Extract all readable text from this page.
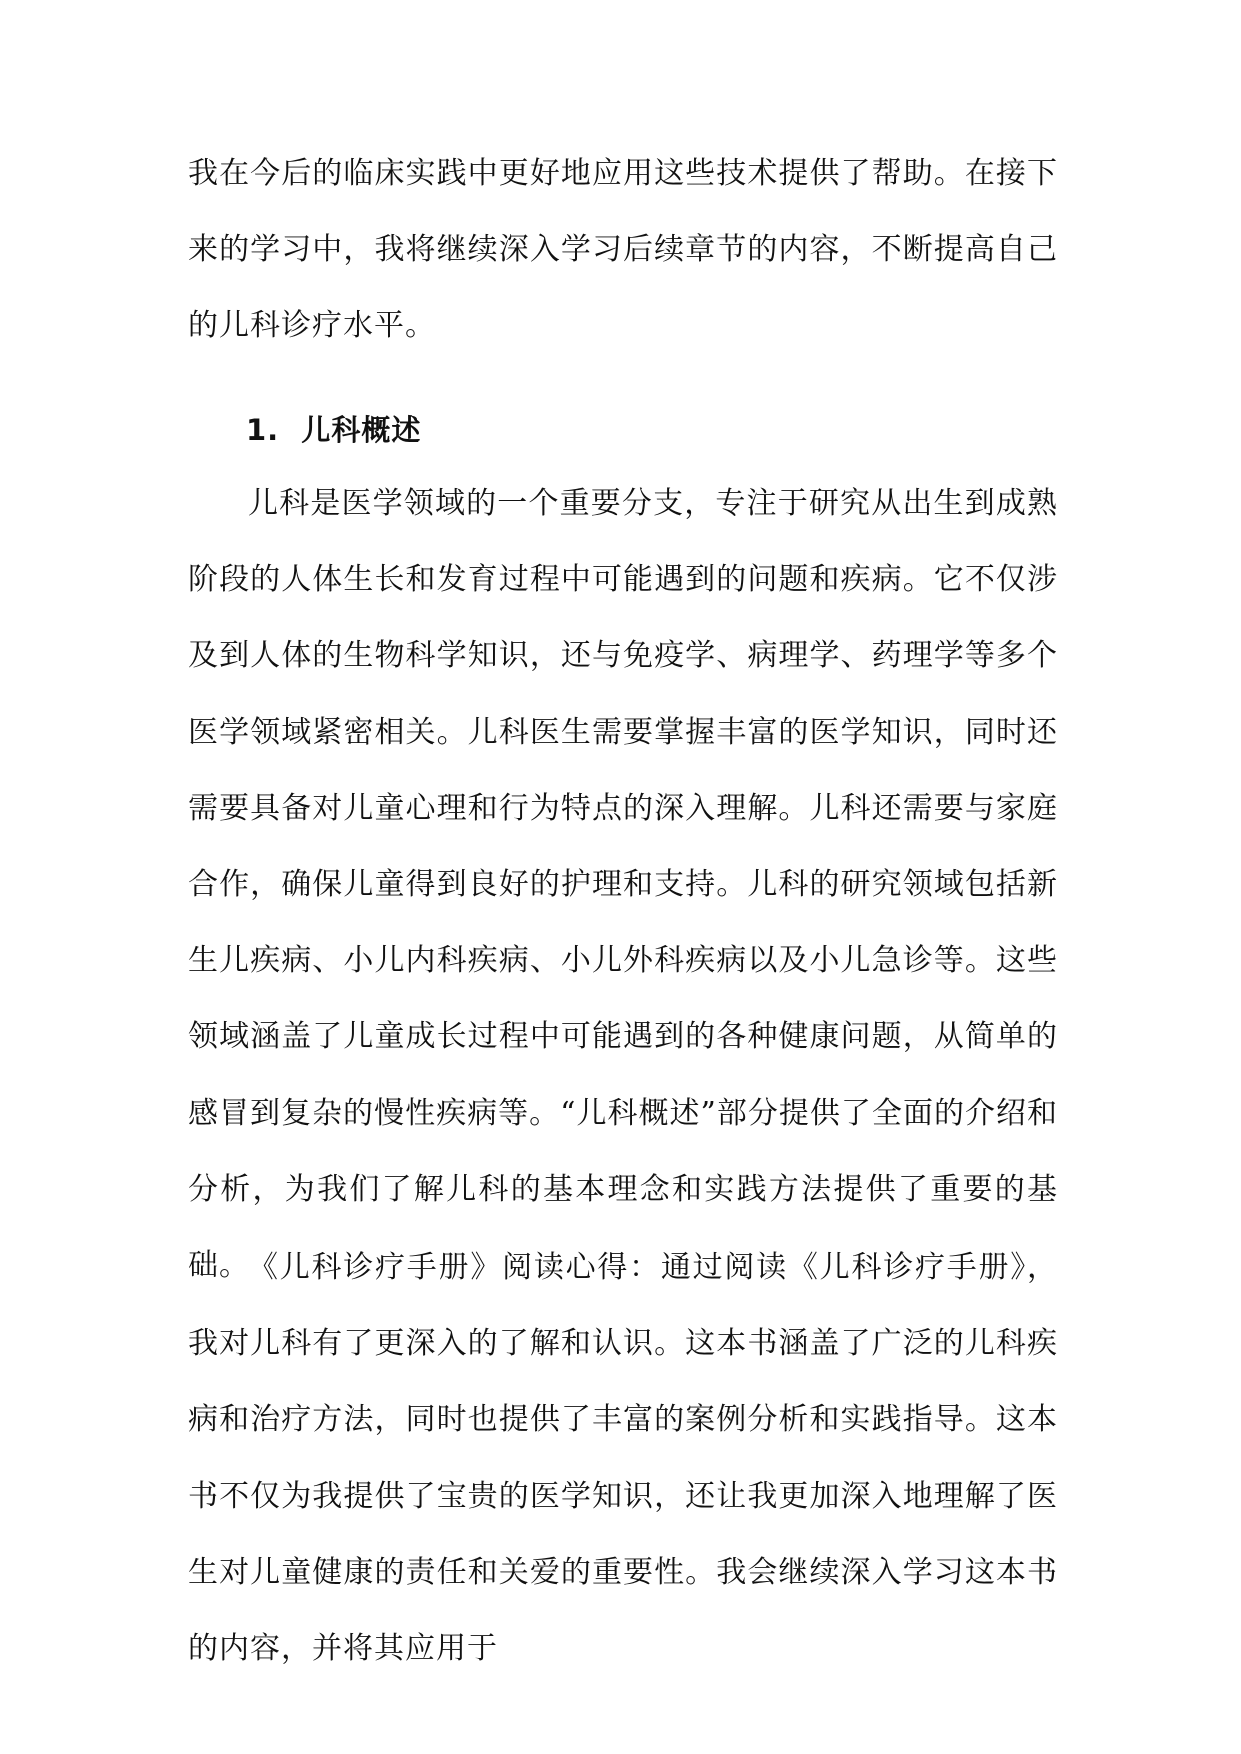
我在今后的临床实践中更好地应用这些技术提供了帮助。在接下来的学习中，我将继续深入学习后续章节的内容，不断提高自己的儿科诊疗水平。

1. 儿科概述

儿科是医学领域的一个重要分支，专注于研究从出生到成熟阶段的人体生长和发育过程中可能遇到的问题和疾病。它不仅涉及到人体的生物科学知识，还与免疫学、病理学、药理学等多个医学领域紧密相关。儿科医生需要掌握丰富的医学知识，同时还需要具备对儿童心理和行为特点的深入理解。儿科还需要与家庭合作，确保儿童得到良好的护理和支持。儿科的研究领域包括新生儿疾病、小儿内科疾病、小儿外科疾病以及小儿急诊等。这些领域涵盖了儿童成长过程中可能遇到的各种健康问题，从简单的感冒到复杂的慢性疾病等。“儿科概述”部分提供了全面的介绍和分析，为我们了解儿科的基本理念和实践方法提供了重要的基础。

《儿科诊疗手册》阅读心得：通过阅读《儿科诊疗手册》，我对儿科有了更深入的了解和认识。这本书涵盖了广泛的儿科疾病和治疗方法，同时也提供了丰富的案例分析和实践指导。这本书不仅为我提供了宝贵的医学知识，还让我更加深入地理解了医生对儿童健康的责任和关爱的重要性。我会继续深入学习这本书的内容，并将其应用于
